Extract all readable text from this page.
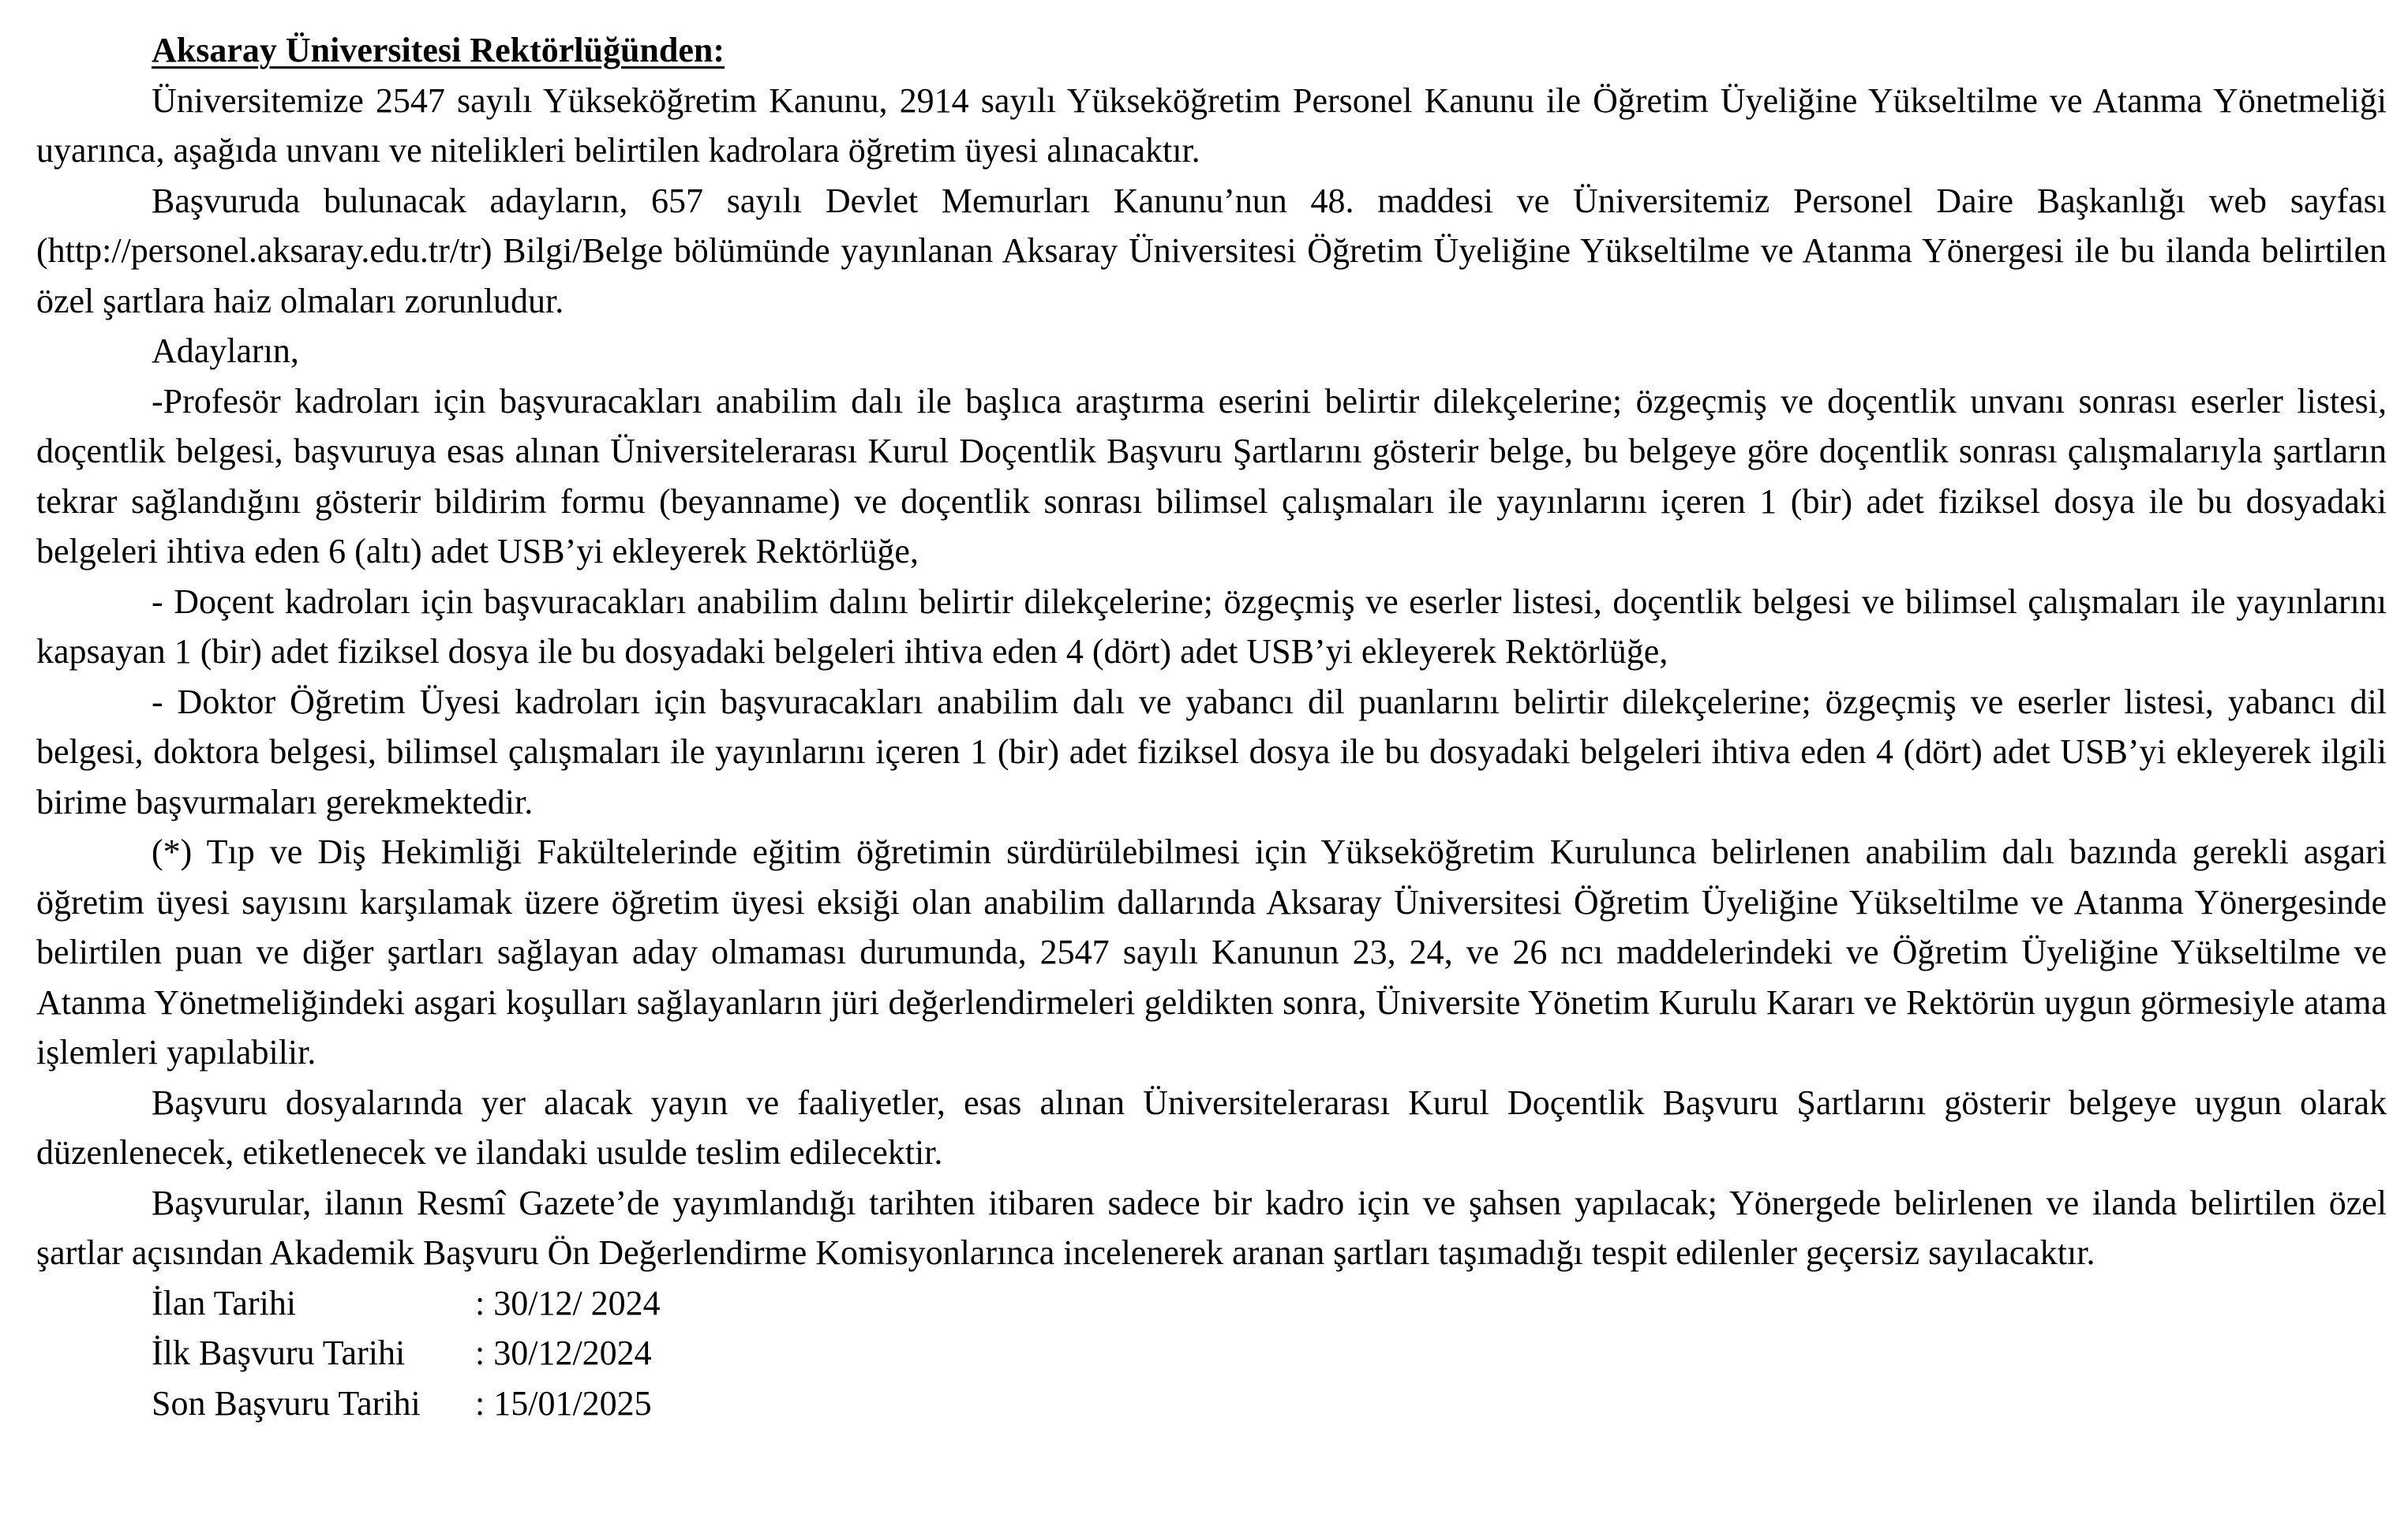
Aksaray Üniversitesi Rektörlüğünden:

Üniversitemize 2547 sayılı Yükseköğretim Kanunu, 2914 sayılı Yükseköğretim Personel Kanunu ile Öğretim Üyeliğine Yükseltilme ve Atanma Yönetmeliği uyarınca, aşağıda unvanı ve nitelikleri belirtilen kadrolara öğretim üyesi alınacaktır.

Başvuruda bulunacak adayların, 657 sayılı Devlet Memurları Kanunu’nun 48. maddesi ve Üniversitemiz Personel Daire Başkanlığı web sayfası (http://personel.aksaray.edu.tr/tr) Bilgi/Belge bölümünde yayınlanan Aksaray Üniversitesi Öğretim Üyeliğine Yükseltilme ve Atanma Yönergesi ile bu ilanda belirtilen özel şartlara haiz olmaları zorunludur.

Adayların,

-Profesör kadroları için başvuracakları anabilim dalı ile başlıca araştırma eserini belirtir dilekçelerine; özgeçmiş ve doçentlik unvanı sonrası eserler listesi, doçentlik belgesi, başvuruya esas alınan Üniversitelerarası Kurul Doçentlik Başvuru Şartlarını gösterir belge, bu belgeye göre doçentlik sonrası çalışmalarıyla şartların tekrar sağlandığını gösterir bildirim formu (beyanname) ve doçentlik sonrası bilimsel çalışmaları ile yayınlarını içeren 1 (bir) adet fiziksel dosya ile bu dosyadaki belgeleri ihtiva eden 6 (altı) adet USB’yi ekleyerek Rektörlüğe,

- Doçent kadroları için başvuracakları anabilim dalını belirtir dilekçelerine; özgeçmiş ve eserler listesi, doçentlik belgesi ve bilimsel çalışmaları ile yayınlarını kapsayan 1 (bir) adet fiziksel dosya ile bu dosyadaki belgeleri ihtiva eden 4 (dört) adet USB’yi ekleyerek Rektörlüğe,

- Doktor Öğretim Üyesi kadroları için başvuracakları anabilim dalı ve yabancı dil puanlarını belirtir dilekçelerine; özgeçmiş ve eserler listesi, yabancı dil belgesi, doktora belgesi, bilimsel çalışmaları ile yayınlarını içeren 1 (bir) adet fiziksel dosya ile bu dosyadaki belgeleri ihtiva eden 4 (dört) adet USB’yi ekleyerek ilgili birime başvurmaları gerekmektedir.

(*) Tıp ve Diş Hekimliği Fakültelerinde eğitim öğretimin sürdürülebilmesi için Yükseköğretim Kurulunca belirlenen anabilim dalı bazında gerekli asgari öğretim üyesi sayısını karşılamak üzere öğretim üyesi eksiği olan anabilim dallarında Aksaray Üniversitesi Öğretim Üyeliğine Yükseltilme ve Atanma Yönergesinde belirtilen puan ve diğer şartları sağlayan aday olmaması durumunda, 2547 sayılı Kanunun 23, 24, ve 26 ncı maddelerindeki ve Öğretim Üyeliğine Yükseltilme ve Atanma Yönetmeliğindeki asgari koşulları sağlayanların jüri değerlendirmeleri geldikten sonra, Üniversite Yönetim Kurulu Kararı ve Rektörün uygun görmesiyle atama işlemleri yapılabilir.

Başvuru dosyalarında yer alacak yayın ve faaliyetler, esas alınan Üniversitelerarası Kurul Doçentlik Başvuru Şartlarını gösterir belgeye uygun olarak düzenlenecek, etiketlenecek ve ilandaki usulde teslim edilecektir.

Başvurular, ilanın Resmî Gazete’de yayımlandığı tarihten itibaren sadece bir kadro için ve şahsen yapılacak; Yönergede belirlenen ve ilanda belirtilen özel şartlar açısından Akademik Başvuru Ön Değerlendirme Komisyonlarınca incelenerek aranan şartları taşımadığı tespit edilenler geçersiz sayılacaktır.

İlan Tarihi	: 30/12/ 2024
İlk Başvuru Tarihi	: 30/12/2024
Son Başvuru Tarihi	: 15/01/2025
